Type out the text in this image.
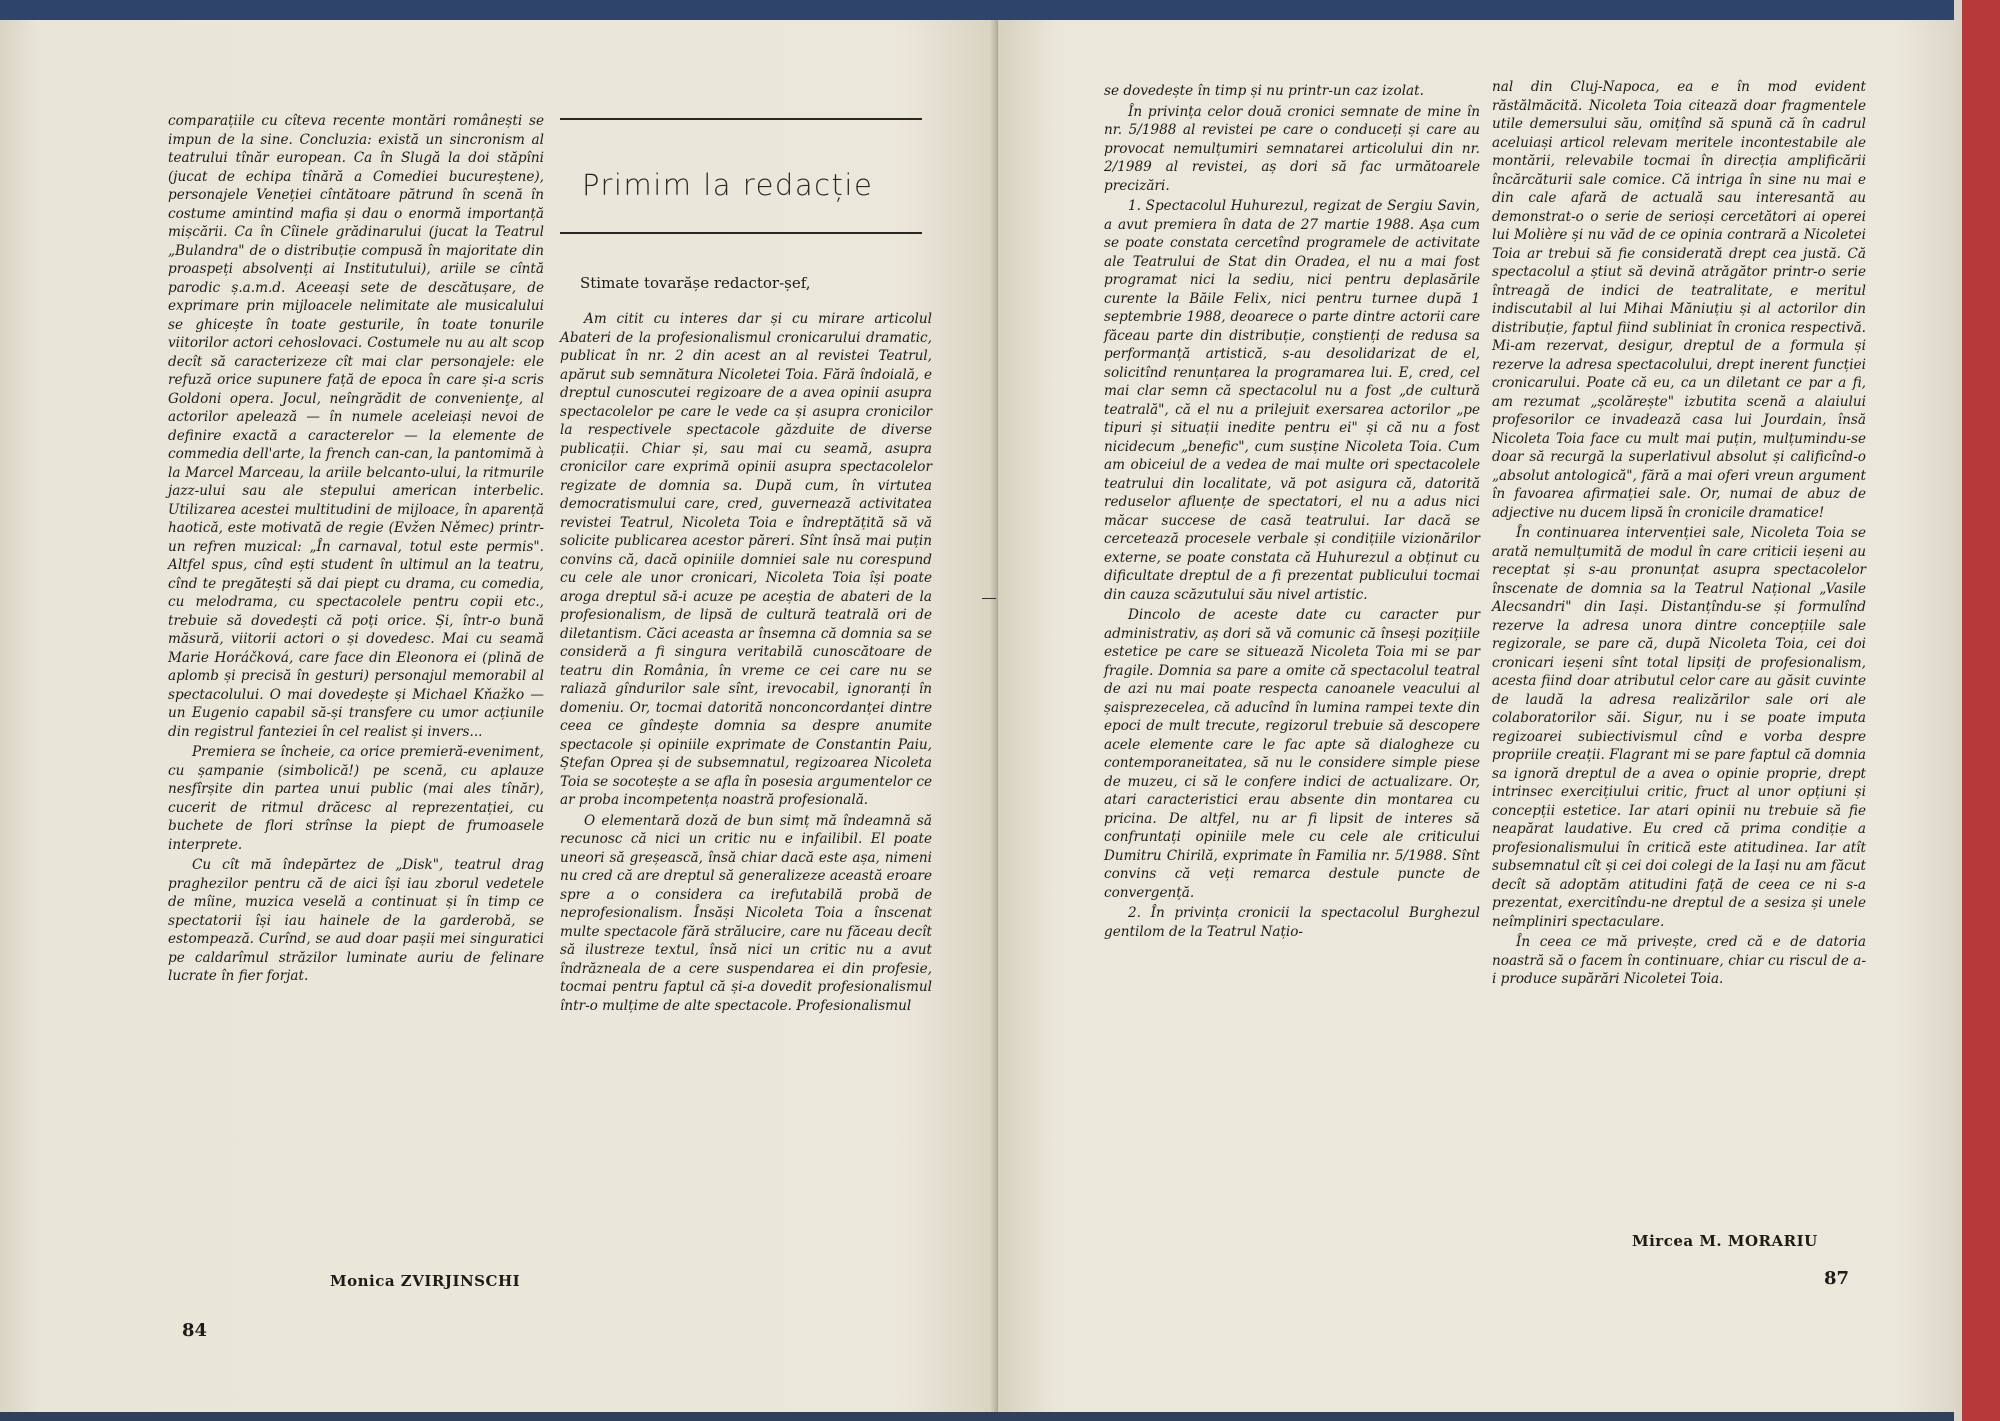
comparațiile cu cîteva recente montări românești se impun de la sine. Concluzia: există un sincronism al teatrului tînăr european. Ca în Slugă la doi stăpîni (jucat de echipa tînără a Comediei bucureștene), personajele Veneției cîntătoare pătrund în scenă în costume amintind mafia și dau o enormă importanță mișcării. Ca în Cîinele grădinarului (jucat la Teatrul „Bulandra" de o distribuție compusă în majoritate din proaspeți absolvenți ai Institutului), ariile se cîntă parodic ș.a.m.d. Aceeași sete de descătușare, de exprimare prin mijloacele nelimitate ale musicalului se ghicește în toate gesturile, în toate tonurile viitorilor actori cehoslovaci. Costumele nu au alt scop decît să caracterizeze cît mai clar personajele: ele refuză orice supunere față de epoca în care și-a scris Goldoni opera. Jocul, neîngrădit de convenienţe, al actorilor apelează — în numele aceleiași nevoi de definire exactă a caracterelor — la elemente de commedia dell'arte, la french can-can, la pantomimă à la Marcel Marceau, la ariile belcanto-ului, la ritmurile jazz-ului sau ale stepului american interbelic. Utilizarea acestei multitudini de mijloace, în aparență haotică, este motivată de regie (Evžen Němec) printr-un refren muzical: „În carnaval, totul este permis". Altfel spus, cînd ești student în ultimul an la teatru, cînd te pregătești să dai piept cu drama, cu comedia, cu melodrama, cu spectacolele pentru copii etc., trebuie să dovedești că poți orice. Și, într-o bună măsură, viitorii actori o și dovedesc. Mai cu seamă Marie Horáčková, care face din Eleonora ei (plină de aplomb și precisă în gesturi) personajul memorabil al spectacolului. O mai dovedește și Michael Kňažko — un Eugenio capabil să-și transfere cu umor acțiunile din registrul fanteziei în cel realist și invers...

Premiera se încheie, ca orice premieră-eveniment, cu șampanie (simbolică!) pe scenă, cu aplauze nesfîrșite din partea unui public (mai ales tînăr), cucerit de ritmul drăcesc al reprezentației, cu buchete de flori strînse la piept de frumoasele interprete.

Cu cît mă îndepărtez de „Disk", teatrul drag praghezilor pentru că de aici își iau zborul vedetele de mîine, muzica veselă a continuat și în timp ce spectatorii își iau hainele de la garderobă, se estompează. Curînd, se aud doar pașii mei singuratici pe caldarîmul străzilor luminate auriu de felinare lucrate în fier forjat.

Monica ZVIRJINSCHI
Primim la redacție
Stimate tovarășe redactor-șef,

Am citit cu interes dar și cu mirare articolul Abateri de la profesionalismul cronicarului dramatic, publicat în nr. 2 din acest an al revistei Teatrul, apărut sub semnătura Nicoletei Toia. Fără îndoială, e dreptul cunoscutei regizoare de a avea opinii asupra spectacolelor pe care le vede ca și asupra cronicilor la respectivele spectacole găzduite de diverse publicații. Chiar și, sau mai cu seamă, asupra cronicilor care exprimă opinii asupra spectacolelor regizate de domnia sa. După cum, în virtutea democratismului care, cred, guvernează activitatea revistei Teatrul, Nicoleta Toia e îndreptățită să vă solicite publicarea acestor păreri. Sînt însă mai puțin convins că, dacă opiniile domniei sale nu corespund cu cele ale unor cronicari, Nicoleta Toia își poate aroga dreptul să-i acuze pe aceștia de abateri de la profesionalism, de lipsă de cultură teatrală ori de diletantism. Căci aceasta ar însemna că domnia sa se consideră a fi singura veritabilă cunoscătoare de teatru din România, în vreme ce cei care nu se raliază gîndurilor sale sînt, irevocabil, ignoranți în domeniu. Or, tocmai datorită nonconcordanței dintre ceea ce gîndește domnia sa despre anumite spectacole și opiniile exprimate de Constantin Paiu, Ștefan Oprea și de subsemnatul, regizoarea Nicoleta Toia se socotește a se afla în posesia argumentelor ce ar proba incompetența noastră profesională.

O elementară doză de bun simț mă îndeamnă să recunosc că nici un critic nu e infailibil. El poate uneori să greșească, însă chiar dacă este așa, nimeni nu cred că are dreptul să generalizeze această eroare spre a o considera ca irefutabilă probă de neprofesionalism. Însăși Nicoleta Toia a înscenat multe spectacole fără strălucire, care nu făceau decît să ilustreze textul, însă nici un critic nu a avut îndrăzneala de a cere suspendarea ei din profesie, tocmai pentru faptul că și-a dovedit profesionalismul într-o mulțime de alte spectacole. Profesionalismul

84

se dovedește în timp și nu printr-un caz izolat.

În privința celor două cronici semnate de mine în nr. 5/1988 al revistei pe care o conduceți și care au provocat nemulțumiri semnatarei articolului din nr. 2/1989 al revistei, aș dori să fac următoarele precizări.

1. Spectacolul Huhurezul, regizat de Sergiu Savin, a avut premiera în data de 27 martie 1988. Așa cum se poate constata cercetînd programele de activitate ale Teatrului de Stat din Oradea, el nu a mai fost programat nici la sediu, nici pentru deplasările curente la Băile Felix, nici pentru turnee după 1 septembrie 1988, deoarece o parte dintre actorii care făceau parte din distribuție, conștienți de redusa sa performanță artistică, s-au desolidarizat de el, solicitînd renunțarea la programarea lui. E, cred, cel mai clar semn că spectacolul nu a fost „de cultură teatrală", că el nu a prilejuit exersarea actorilor „pe tipuri și situații inedite pentru ei" și că nu a fost nicidecum „benefic", cum susține Nicoleta Toia. Cum am obiceiul de a vedea de mai multe ori spectacolele teatrului din localitate, vă pot asigura că, datorită reduselor afluențe de spectatori, el nu a adus nici măcar succese de casă teatrului. Iar dacă se cercetează procesele verbale și condițiile vizionărilor externe, se poate constata că Huhurezul a obținut cu dificultate dreptul de a fi prezentat publicului tocmai din cauza scăzutului său nivel artistic.

Dincolo de aceste date cu caracter pur administrativ, aș dori să vă comunic că înseși pozițiile estetice pe care se situează Nicoleta Toia mi se par fragile. Domnia sa pare a omite că spectacolul teatral de azi nu mai poate respecta canoanele veacului al șaisprezecelea, că aducînd în lumina rampei texte din epoci de mult trecute, regizorul trebuie să descopere acele elemente care le fac apte să dialogheze cu contemporaneitatea, să nu le considere simple piese de muzeu, ci să le confere indici de actualizare. Or, atari caracteristici erau absente din montarea cu pricina. De altfel, nu ar fi lipsit de interes să confruntați opiniile mele cu cele ale criticului Dumitru Chirilă, exprimate în Familia nr. 5/1988. Sînt convins că veți remarca destule puncte de convergență.

2. În privința cronicii la spectacolul Burghezul gentilom de la Teatrul Națio-

nal din Cluj-Napoca, ea e în mod evident răstălmăcită. Nicoleta Toia citează doar fragmentele utile demersului său, omițînd să spună că în cadrul aceluiași articol relevam meritele incontestabile ale montării, relevabile tocmai în direcția amplificării încărcăturii sale comice. Că intriga în sine nu mai e din cale afară de actuală sau interesantă au demonstrat-o o serie de serioși cercetători ai operei lui Molière și nu văd de ce opinia contrară a Nicoletei Toia ar trebui să fie considerată drept cea justă. Că spectacolul a știut să devină atrăgător printr-o serie întreagă de indici de teatralitate, e meritul indiscutabil al lui Mihai Măniuțiu și al actorilor din distribuție, faptul fiind subliniat în cronica respectivă. Mi-am rezervat, desigur, dreptul de a formula și rezerve la adresa spectacolului, drept inerent funcției cronicarului. Poate că eu, ca un diletant ce par a fi, am rezumat „școlărește" izbutita scenă a alaiului profesorilor ce invadează casa lui Jourdain, însă Nicoleta Toia face cu mult mai puțin, mulțumindu-se doar să recurgă la superlativul absolut și calificînd-o „absolut antologică", fără a mai oferi vreun argument în favoarea afirmației sale. Or, numai de abuz de adjective nu ducem lipsă în cronicile dramatice!

În continuarea intervenției sale, Nicoleta Toia se arată nemulțumită de modul în care criticii ieșeni au receptat și s-au pronunțat asupra spectacolelor înscenate de domnia sa la Teatrul Național „Vasile Alecsandri" din Iași. Distanțîndu-se și formulînd rezerve la adresa unora dintre concepțiile sale regizorale, se pare că, după Nicoleta Toia, cei doi cronicari ieșeni sînt total lipsiți de profesionalism, acesta fiind doar atributul celor care au găsit cuvinte de laudă la adresa realizărilor sale ori ale colaboratorilor săi. Sigur, nu i se poate imputa regizoarei subiectivismul cînd e vorba despre propriile creații. Flagrant mi se pare faptul că domnia sa ignoră dreptul de a avea o opinie proprie, drept intrinsec exercițiului critic, fruct al unor opțiuni și concepții estetice. Iar atari opinii nu trebuie să fie neapărat laudative. Eu cred că prima condiție a profesionalismului în critică este atitudinea. Iar atît subsemnatul cît și cei doi colegi de la Iași nu am făcut decît să adoptăm atitudini față de ceea ce ni s-a prezentat, exercitîndu-ne dreptul de a sesiza și unele neîmpliniri spectaculare.

În ceea ce mă privește, cred că e de datoria noastră să o facem în continuare, chiar cu riscul de a-i produce supărări Nicoletei Toia.

Mircea M. MORARIU
87
